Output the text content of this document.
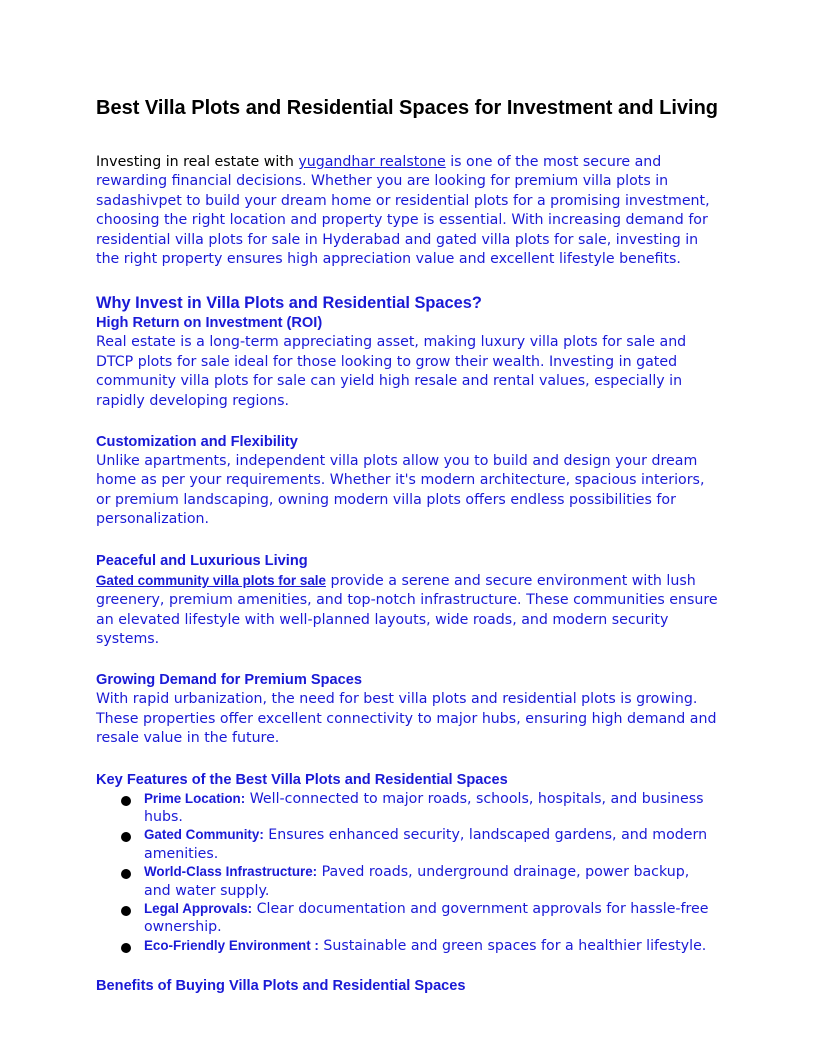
Best Villa Plots and Residential Spaces for Investment and Living

Investing in real estate with yugandhar realstone is one of the most secure and rewarding financial decisions. Whether you are looking for premium villa plots in sadashivpet to build your dream home or residential plots for a promising investment, choosing the right location and property type is essential. With increasing demand for residential villa plots for sale in Hyderabad and gated villa plots for sale, investing in the right property ensures high appreciation value and excellent lifestyle benefits.

Why Invest in Villa Plots and Residential Spaces?
High Return on Investment (ROI)

Real estate is a long-term appreciating asset, making luxury villa plots for sale and DTCP plots for sale ideal for those looking to grow their wealth. Investing in gated community villa plots for sale can yield high resale and rental values, especially in rapidly developing regions.

Customization and Flexibility

Unlike apartments, independent villa plots allow you to build and design your dream home as per your requirements. Whether it's modern architecture, spacious interiors, or premium landscaping, owning modern villa plots offers endless possibilities for personalization.

Peaceful and Luxurious Living

Gated community villa plots for sale provide a serene and secure environment with lush greenery, premium amenities, and top-notch infrastructure. These communities ensure an elevated lifestyle with well-planned layouts, wide roads, and modern security systems.

Growing Demand for Premium Spaces

With rapid urbanization, the need for best villa plots and residential plots is growing. These properties offer excellent connectivity to major hubs, ensuring high demand and resale value in the future.

Key Features of the Best Villa Plots and Residential Spaces
Prime Location: Well-connected to major roads, schools, hospitals, and business hubs.
Gated Community: Ensures enhanced security, landscaped gardens, and modern amenities.
World-Class Infrastructure: Paved roads, underground drainage, power backup, and water supply.
Legal Approvals: Clear documentation and government approvals for hassle-free ownership.
Eco-Friendly Environment : Sustainable and green spaces for a healthier lifestyle.
Benefits of Buying Villa Plots and Residential Spaces
